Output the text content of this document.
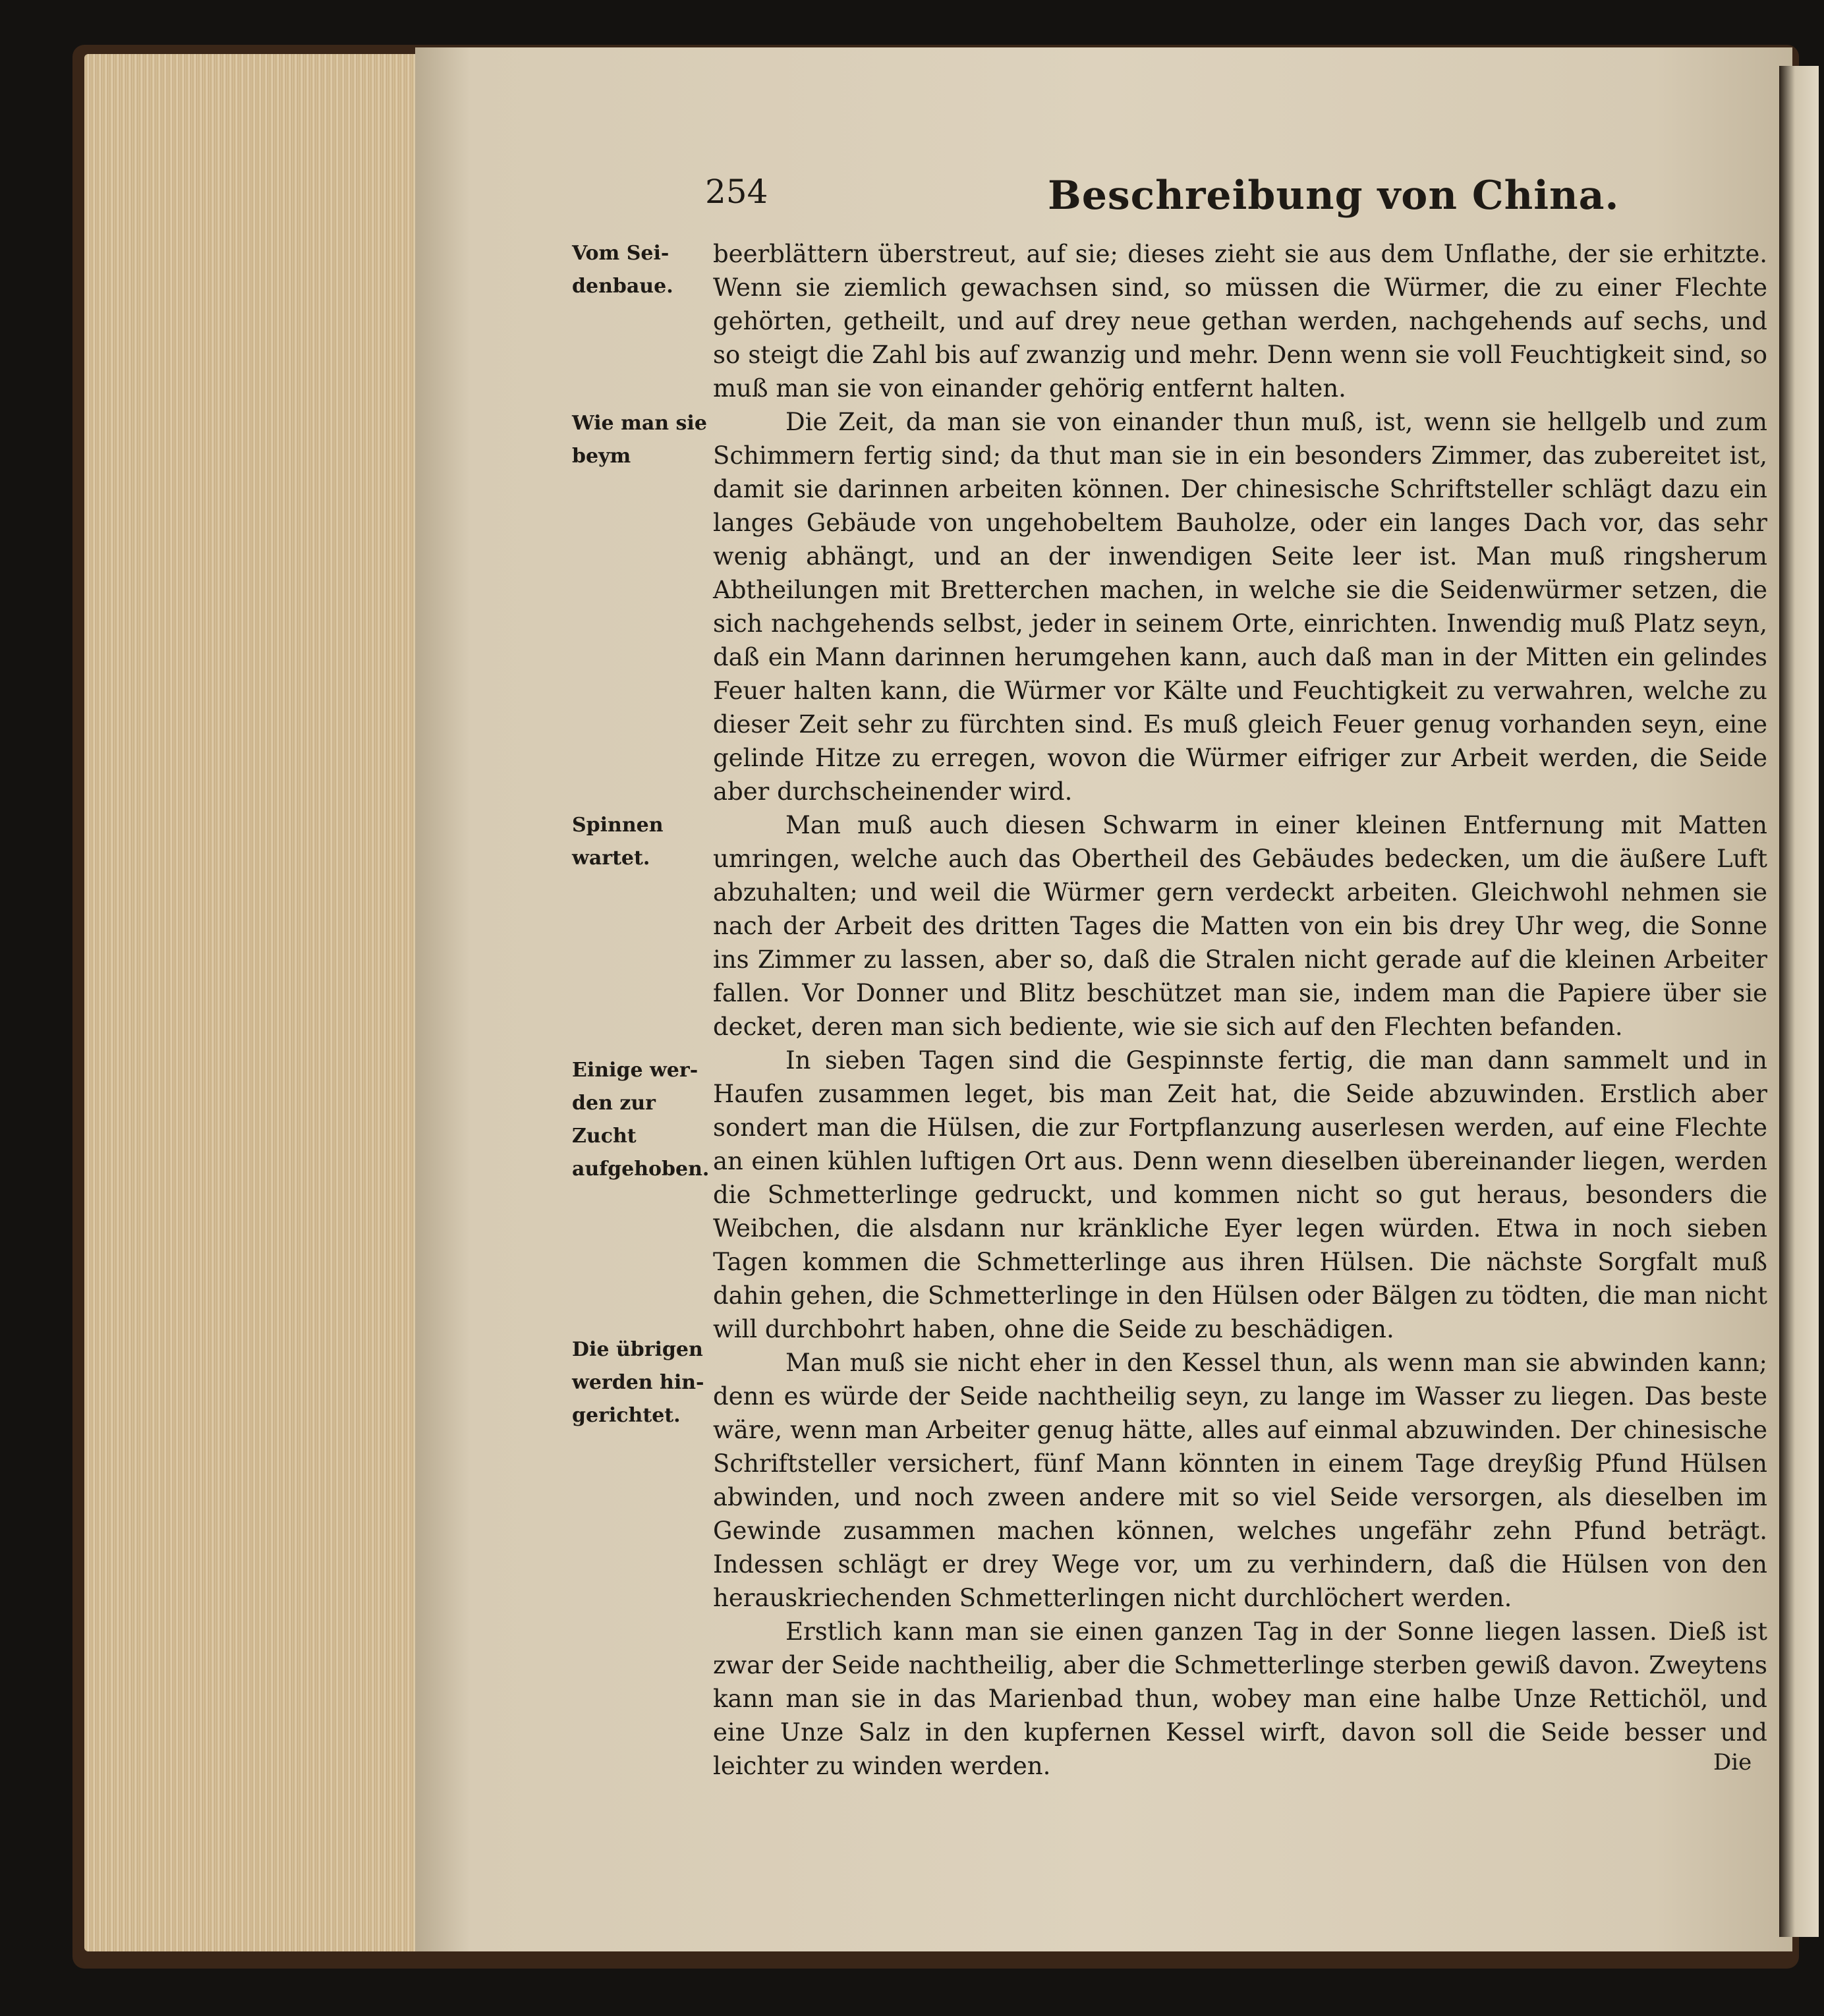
254	Beschreibung von China.
Vom Sei- denbaue.
Wie man sie beym
Spinnen wartet.
Einige wer- den zur Zucht aufgehoben.
Die übrigen werden hin- gerichtet.

beerblättern überstreut, auf sie; dieses zieht sie aus dem Unflathe, der sie erhitzte. Wenn sie ziemlich gewachsen sind, so müssen die Würmer, die zu einer Flechte gehörten, getheilt, und auf drey neue gethan werden, nachgehends auf sechs, und so steigt die Zahl bis auf zwanzig und mehr. Denn wenn sie voll Feuchtigkeit sind, so muß man sie von einander gehörig entfernt halten.

Die Zeit, da man sie von einander thun muß, ist, wenn sie hellgelb und zum Schimmern fertig sind; da thut man sie in ein besonders Zimmer, das zubereitet ist, damit sie darinnen arbeiten können. Der chinesische Schriftsteller schlägt dazu ein langes Gebäude von ungehobeltem Bauholze, oder ein langes Dach vor, das sehr wenig abhängt, und an der inwendigen Seite leer ist. Man muß ringsherum Abtheilungen mit Bretterchen machen, in welche sie die Seidenwürmer setzen, die sich nachgehends selbst, jeder in seinem Orte, einrichten. Inwendig muß Platz seyn, daß ein Mann darinnen herumgehen kann, auch daß man in der Mitten ein gelindes Feuer halten kann, die Würmer vor Kälte und Feuchtigkeit zu verwahren, welche zu dieser Zeit sehr zu fürchten sind. Es muß gleich Feuer genug vorhanden seyn, eine gelinde Hitze zu erregen, wovon die Würmer eifriger zur Arbeit werden, die Seide aber durchscheinender wird.

Man muß auch diesen Schwarm in einer kleinen Entfernung mit Matten umringen, welche auch das Obertheil des Gebäudes bedecken, um die äußere Luft abzuhalten; und weil die Würmer gern verdeckt arbeiten. Gleichwohl nehmen sie nach der Arbeit des dritten Tages die Matten von ein bis drey Uhr weg, die Sonne ins Zimmer zu lassen, aber so, daß die Stralen nicht gerade auf die kleinen Arbeiter fallen. Vor Donner und Blitz beschützet man sie, indem man die Papiere über sie decket, deren man sich bediente, wie sie sich auf den Flechten befanden.

In sieben Tagen sind die Gespinnste fertig, die man dann sammelt und in Haufen zusammen leget, bis man Zeit hat, die Seide abzuwinden. Erstlich aber sondert man die Hülsen, die zur Fortpflanzung auserlesen werden, auf eine Flechte an einen kühlen luftigen Ort aus. Denn wenn dieselben übereinander liegen, werden die Schmetterlinge gedruckt, und kommen nicht so gut heraus, besonders die Weibchen, die alsdann nur kränkliche Eyer legen würden. Etwa in noch sieben Tagen kommen die Schmetterlinge aus ihren Hülsen. Die nächste Sorgfalt muß dahin gehen, die Schmetterlinge in den Hülsen oder Bälgen zu tödten, die man nicht will durchbohrt haben, ohne die Seide zu beschädigen.

Man muß sie nicht eher in den Kessel thun, als wenn man sie abwinden kann; denn es würde der Seide nachtheilig seyn, zu lange im Wasser zu liegen. Das beste wäre, wenn man Arbeiter genug hätte, alles auf einmal abzuwinden. Der chinesische Schriftsteller versichert, fünf Mann könnten in einem Tage dreyßig Pfund Hülsen abwinden, und noch zween andere mit so viel Seide versorgen, als dieselben im Gewinde zusammen machen können, welches ungefähr zehn Pfund beträgt. Indessen schlägt er drey Wege vor, um zu verhindern, daß die Hülsen von den herauskriechenden Schmetterlingen nicht durchlöchert werden.

Erstlich kann man sie einen ganzen Tag in der Sonne liegen lassen. Dieß ist zwar der Seide nachtheilig, aber die Schmetterlinge sterben gewiß davon. Zweytens kann man sie in das Marienbad thun, wobey man eine halbe Unze Rettichöl, und eine Unze Salz in den kupfernen Kessel wirft, davon soll die Seide besser und leichter zu winden werden.	Die
